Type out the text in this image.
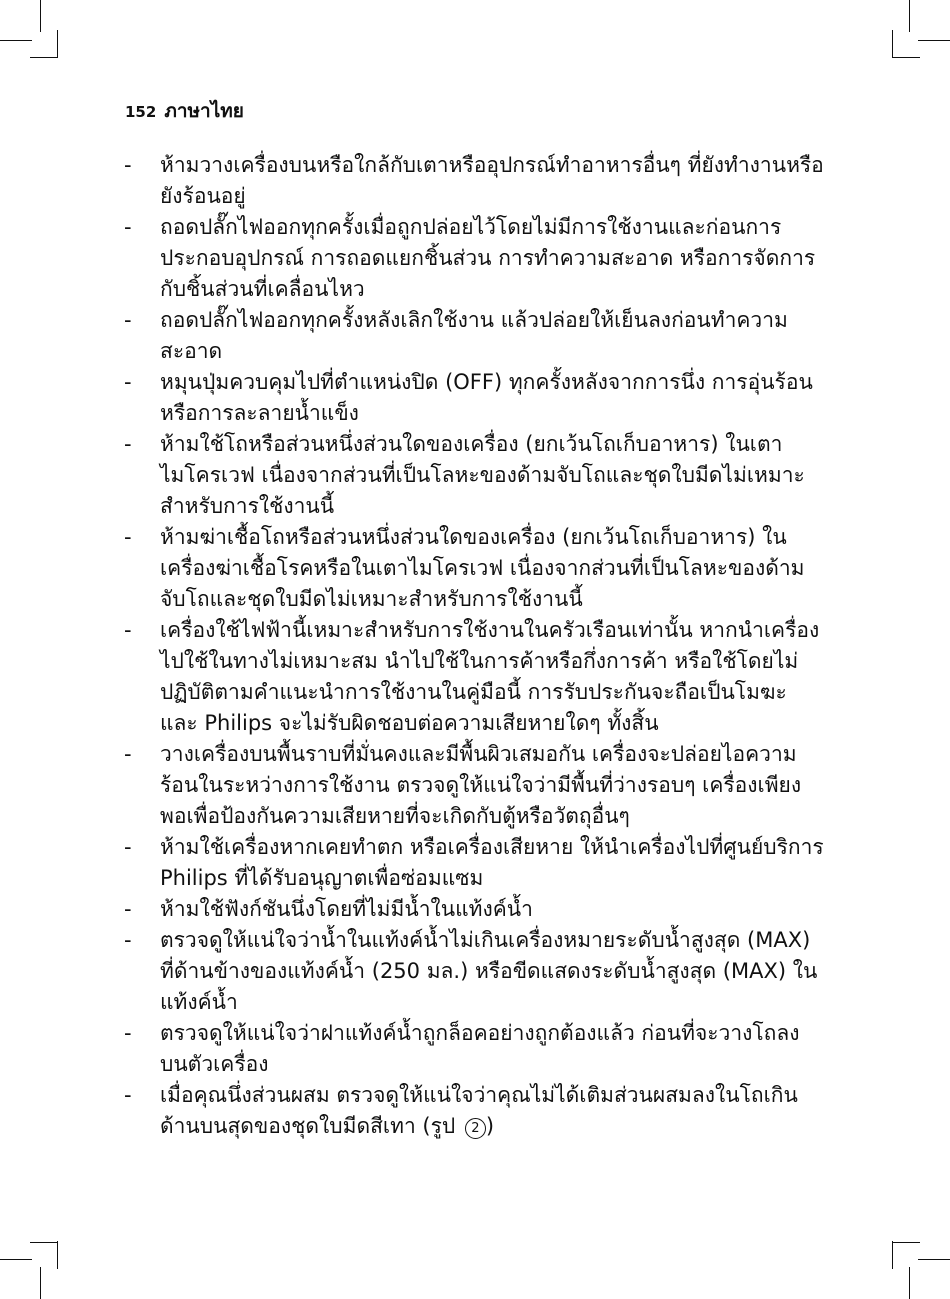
152 ภาษาไทย
-	ห้ามวางเครื่องบนหรือใกล้กับเตาหรืออุปกรณ์ทำอาหารอื่นๆ ที่ยังทำงานหรือยังร้อนอยู่
-	ถอดปลั๊กไฟออกทุกครั้งเมื่อถูกปล่อยไว้โดยไม่มีการใช้งานและก่อนการประกอบอุปกรณ์ การถอดแยกชิ้นส่วน การทำความสะอาด หรือการจัดการกับชิ้นส่วนที่เคลื่อนไหว
-	ถอดปลั๊กไฟออกทุกครั้งหลังเลิกใช้งาน แล้วปล่อยให้เย็นลงก่อนทำความสะอาด
-	หมุนปุ่มควบคุมไปที่ตำแหน่งปิด (OFF) ทุกครั้งหลังจากการนึ่ง การอุ่นร้อน หรือการละลายน้ำแข็ง
-	ห้ามใช้โถหรือส่วนหนึ่งส่วนใดของเครื่อง (ยกเว้นโถเก็บอาหาร) ในเตาไมโครเวฟ เนื่องจากส่วนที่เป็นโลหะของด้ามจับโถและชุดใบมีดไม่เหมาะสำหรับการใช้งานนี้
-	ห้ามฆ่าเชื้อโถหรือส่วนหนึ่งส่วนใดของเครื่อง (ยกเว้นโถเก็บอาหาร) ในเครื่องฆ่าเชื้อโรคหรือในเตาไมโครเวฟ เนื่องจากส่วนที่เป็นโลหะของด้ามจับโถและชุดใบมีดไม่เหมาะสำหรับการใช้งานนี้
-	เครื่องใช้ไฟฟ้านี้เหมาะสำหรับการใช้งานในครัวเรือนเท่านั้น หากนำเครื่องไปใช้ในทางไม่เหมาะสม นำไปใช้ในการค้าหรือกึ่งการค้า หรือใช้โดยไม่ปฏิบัติตามคำแนะนำการใช้งานในคู่มือนี้ การรับประกันจะถือเป็นโมฆะและ Philips จะไม่รับผิดชอบต่อความเสียหายใดๆ ทั้งสิ้น
-	วางเครื่องบนพื้นราบที่มั่นคงและมีพื้นผิวเสมอกัน เครื่องจะปล่อยไอความร้อนในระหว่างการใช้งาน ตรวจดูให้แน่ใจว่ามีพื้นที่ว่างรอบๆ เครื่องเพียงพอเพื่อป้องกันความเสียหายที่จะเกิดกับตู้หรือวัตถุอื่นๆ
-	ห้ามใช้เครื่องหากเคยทำตก หรือเครื่องเสียหาย ให้นำเครื่องไปที่ศูนย์บริการ Philips ที่ได้รับอนุญาตเพื่อซ่อมแซม
-	ห้ามใช้ฟังก์ชันนึ่งโดยที่ไม่มีน้ำในแท้งค์น้ำ
-	ตรวจดูให้แน่ใจว่าน้ำในแท้งค์น้ำไม่เกินเครื่องหมายระดับน้ำสูงสุด (MAX) ที่ด้านข้างของแท้งค์น้ำ (250 มล.) หรือขีดแสดงระดับน้ำสูงสุด (MAX) ในแท้งค์น้ำ
-	ตรวจดูให้แน่ใจว่าฝาแท้งค์น้ำถูกล็อคอย่างถูกต้องแล้ว ก่อนที่จะวางโถลงบนตัวเครื่อง
-	เมื่อคุณนึ่งส่วนผสม ตรวจดูให้แน่ใจว่าคุณไม่ได้เติมส่วนผสมลงในโถเกินด้านบนสุดของชุดใบมีดสีเทา (รูป 2 )
